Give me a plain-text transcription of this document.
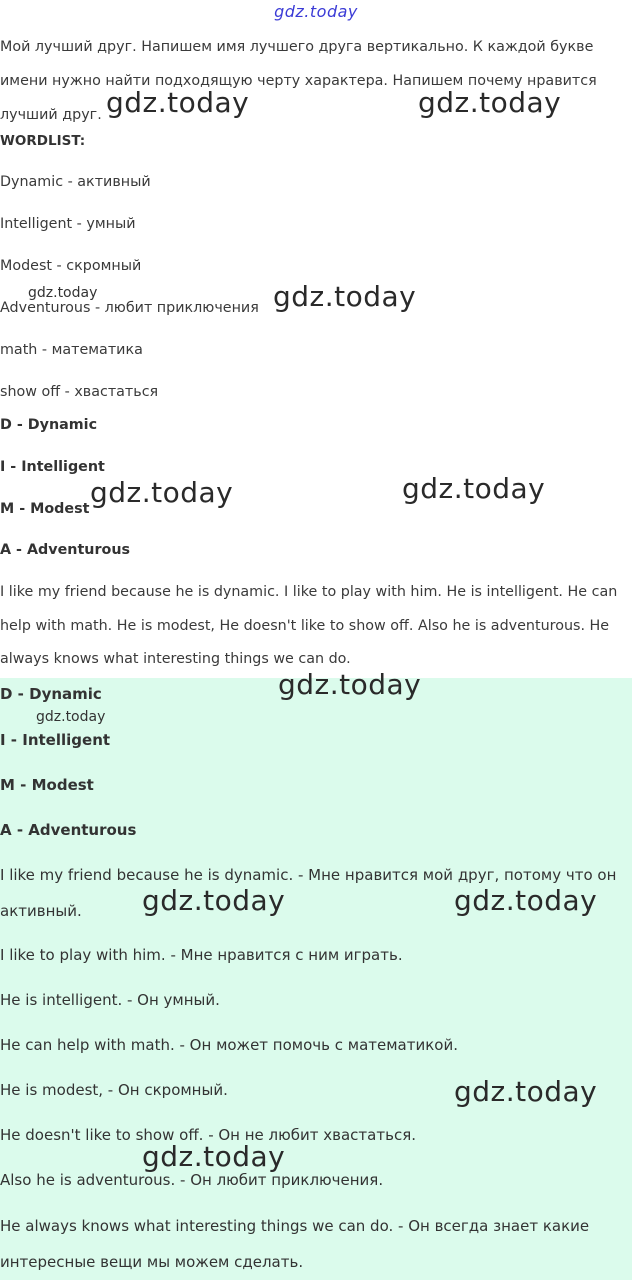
gdz.today

Мой лучший друг. Напишем имя лучшего друга вертикально. К каждой букве имени нужно найти подходящую черту характера. Напишем почему нравится лучший друг.

WORDLIST:
Dynamic - активный
Intelligent - умный
Modest - скромный
Adventurous - любит приключения
math - математика
show off - хвастаться
D - Dynamic
I - Intelligent
M - Modest
A - Adventurous

I like my friend because he is dynamic. I like to play with him. He is intelligent. He can help with math. He is modest, He doesn't like to show off. Also he is adventurous. He always knows what interesting things we can do.

D - Dynamic
I - Intelligent
M - Modest
A - Adventurous

I like my friend because he is dynamic. - Мне нравится мой друг, потому что он активный.

I like to play with him. - Мне нравится с ним играть.
He is intelligent. - Он умный.
He can help with math. - Он может помочь с математикой.
He is modest, - Он скромный.
He doesn't like to show off. - Он не любит хвастаться.
Also he is adventurous. - Он любит приключения.

He always knows what interesting things we can do. - Он всегда знает какие интересные вещи мы можем сделать.

gdz.today	gdz.today
gdz.today	gdz.today
gdz.today	gdz.today
gdz.today
gdz.today
gdz.today	gdz.today
gdz.today
gdz.today
